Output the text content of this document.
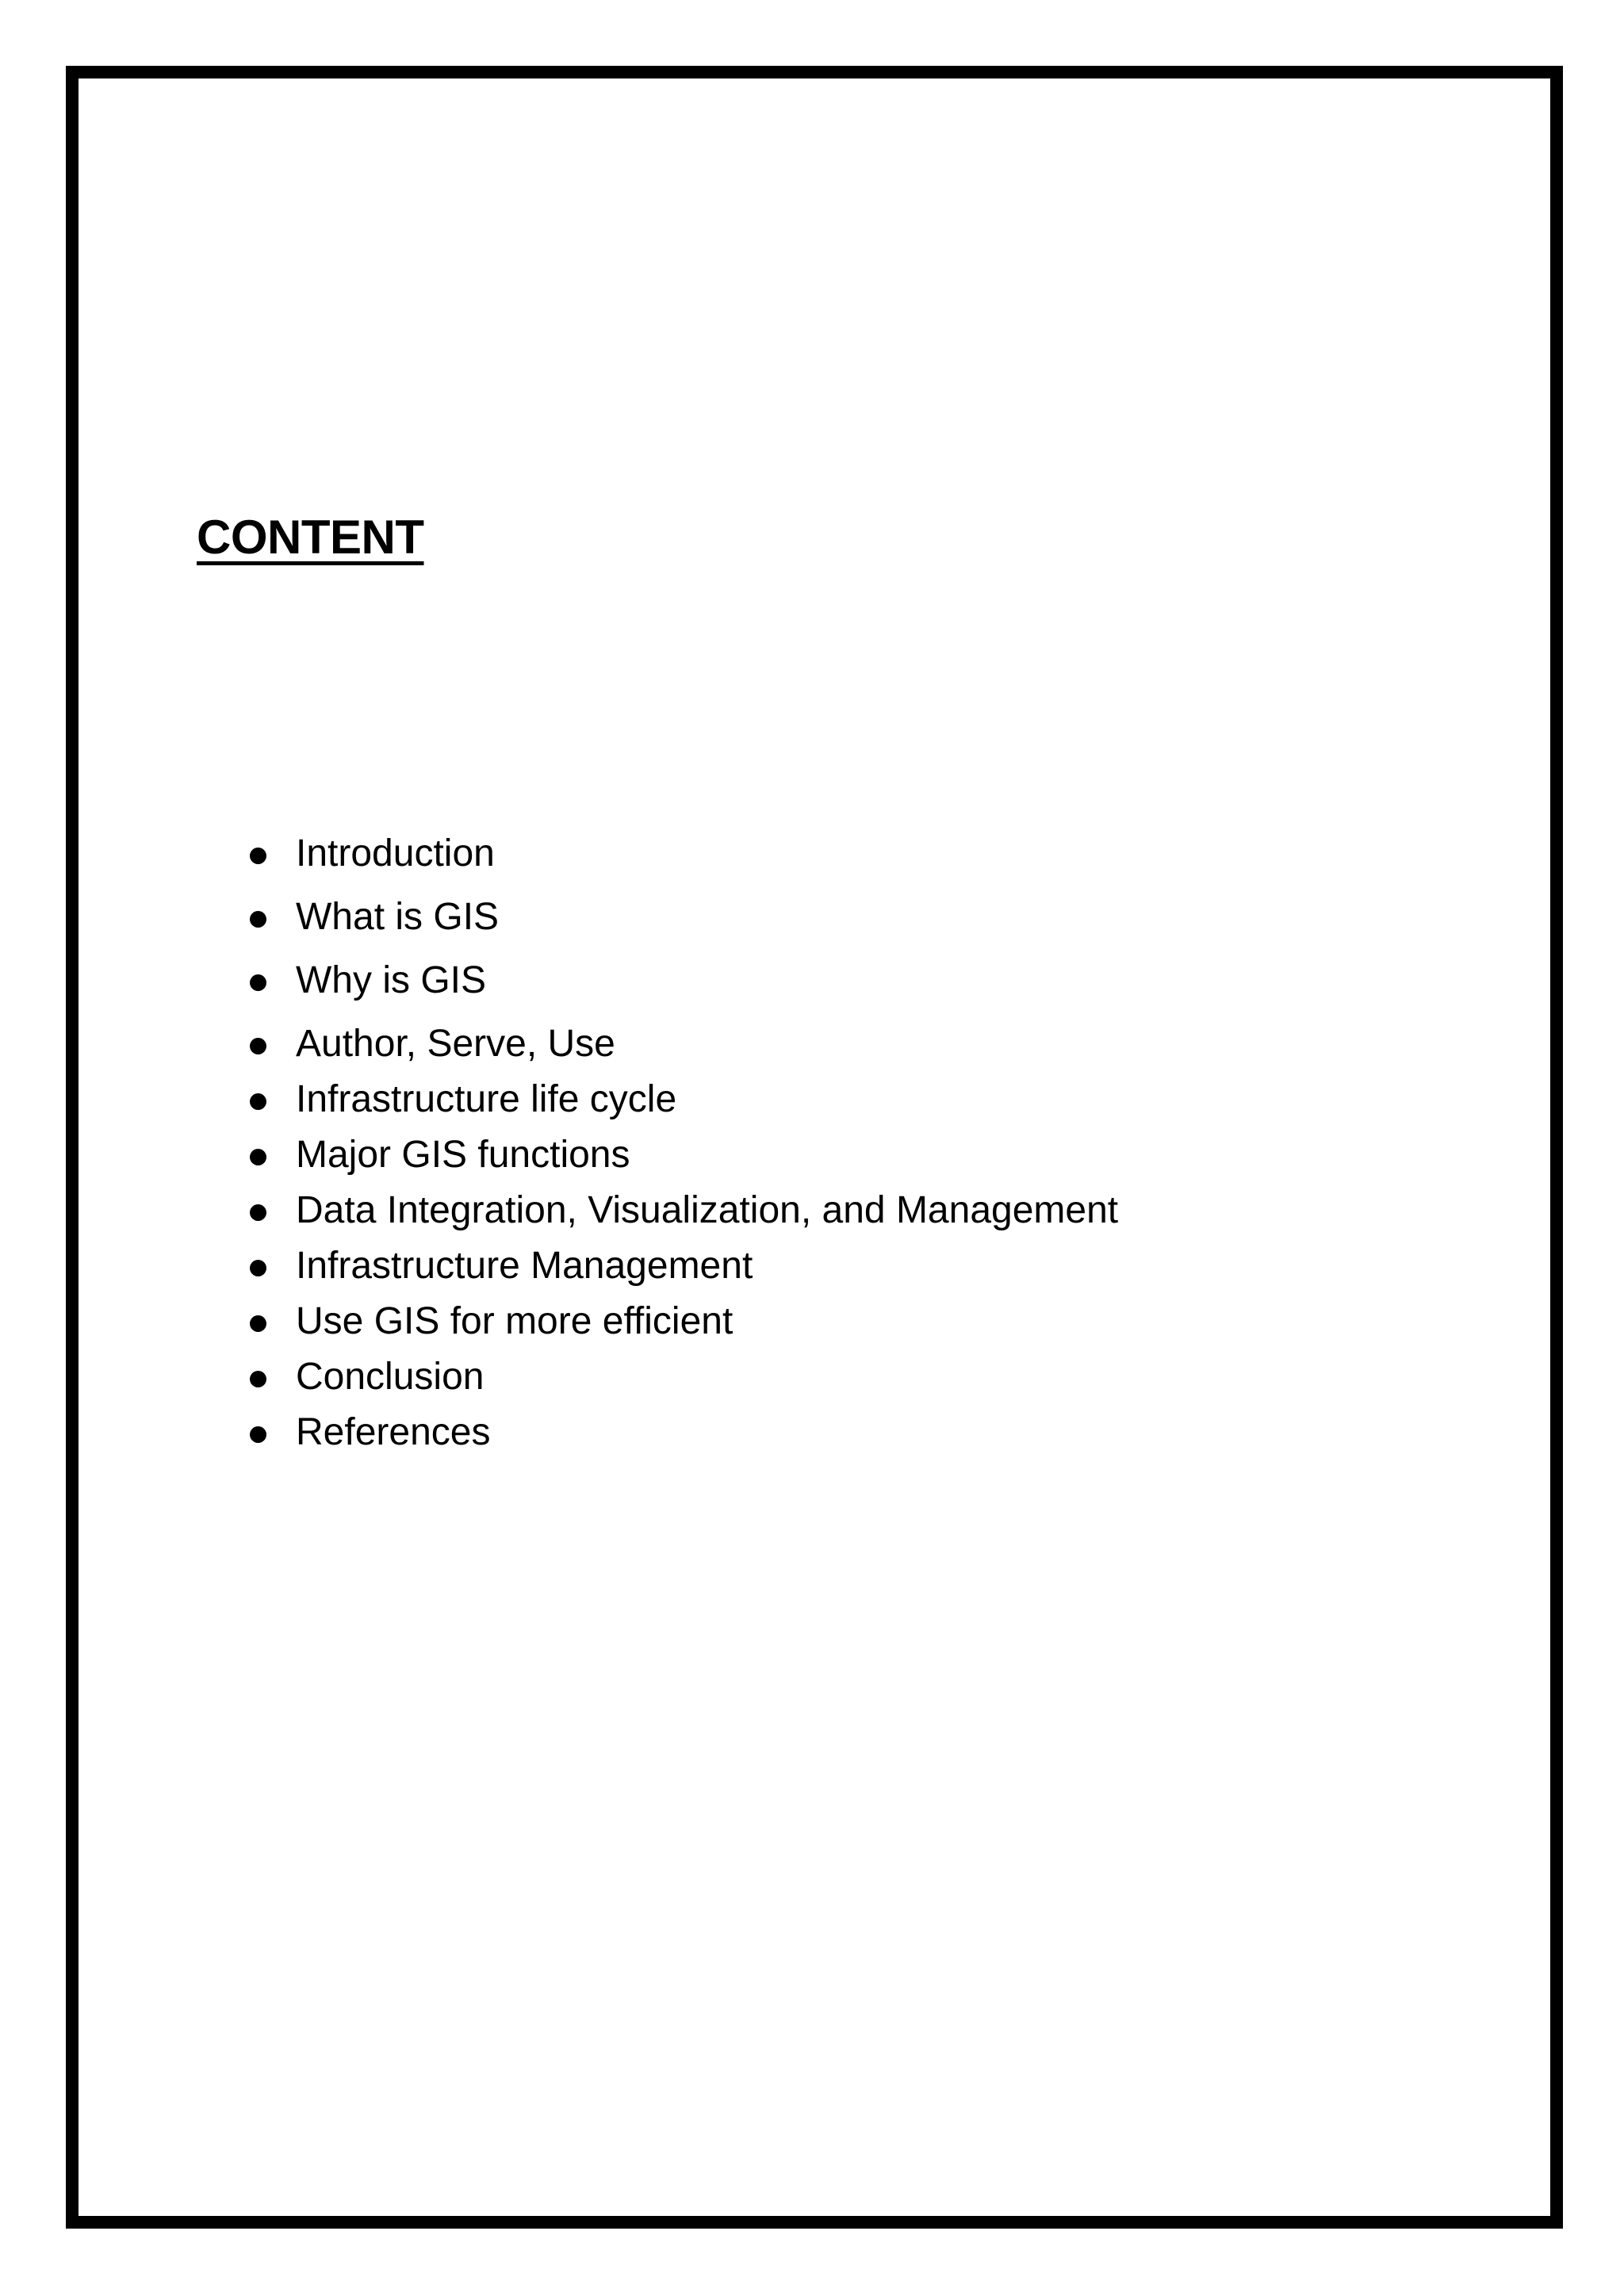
CONTENT
Introduction
What is GIS
Why is GIS
Author, Serve, Use
Infrastructure life cycle
Major GIS functions
Data Integration, Visualization, and Management
Infrastructure Management
Use GIS for more efficient
Conclusion
References
